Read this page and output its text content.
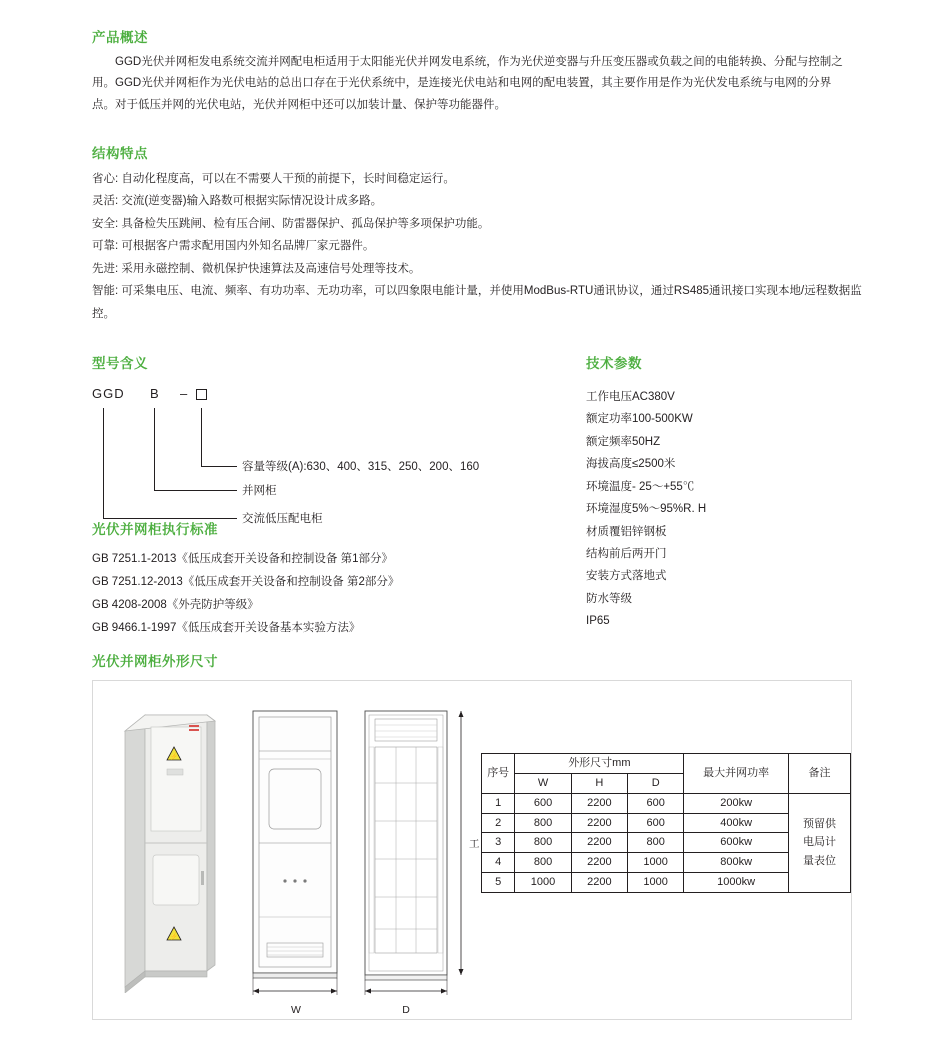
产品概述

GGD光伏并网柜发电系统交流并网配电柜适用于太阳能光伏并网发电系统，作为光伏逆变器与升压变压器或负载之间的电能转换、分配与控制之用。GGD光伏并网柜作为光伏电站的总出口存在于光伏系统中，是连接光伏电站和电网的配电装置，其主要作用是作为光伏发电系统与电网的分界点。对于低压并网的光伏电站，光伏并网柜中还可以加装计量、保护等功能器件。

结构特点
省心: 自动化程度高，可以在不需要人干预的前提下，长时间稳定运行。
灵活: 交流(逆变器)输入路数可根据实际情况设计成多路。
安全: 具备检失压跳闸、检有压合闸、防雷器保护、孤岛保护等多项保护功能。
可靠: 可根据客户需求配用国内外知名品牌厂家元器件。
先进: 采用永磁控制、微机保护快速算法及高速信号处理等技术。
智能: 可采集电压、电流、频率、有功功率、无功功率，可以四象限电能计量，并使用ModBus-RTU通讯协议，通过RS485通讯接口实现本地/远程数据监控。
型号含义
GGD B –
容量等级(A):630、400、315、250、200、160
并网柜
交流低压配电柜
技术参数
工作电压AC380V
额定功率100-500KW
额定频率50HZ
海拔高度≤2500米
环境温度- 25～+55℃
环境湿度5%～95%R. H
材质覆铝锌钢板
结构前后两开门
安装方式落地式
防水等级
IP65
光伏并网柜执行标准
GB 7251.1-2013《低压成套开关设备和控制设备 第1部分》
GB 7251.12-2013《低压成套开关设备和控制设备 第2部分》
GB 4208-2008《外壳防护等级》
GB 9466.1-1997《低压成套开关设备基本实验方法》
光伏并网柜外形尺寸
⚡
⚡
W	D
工
序号	外形尺寸mm			最大并网功率	备注
	W	H	D		
1	600	2200	600	200kw	预留供
电局计
量表位

2	800	2200	600	400kw	
3	800	2200	800	600kw	
4	800	2200	1000	800kw	
5	1000	2200	1000	1000kw	
